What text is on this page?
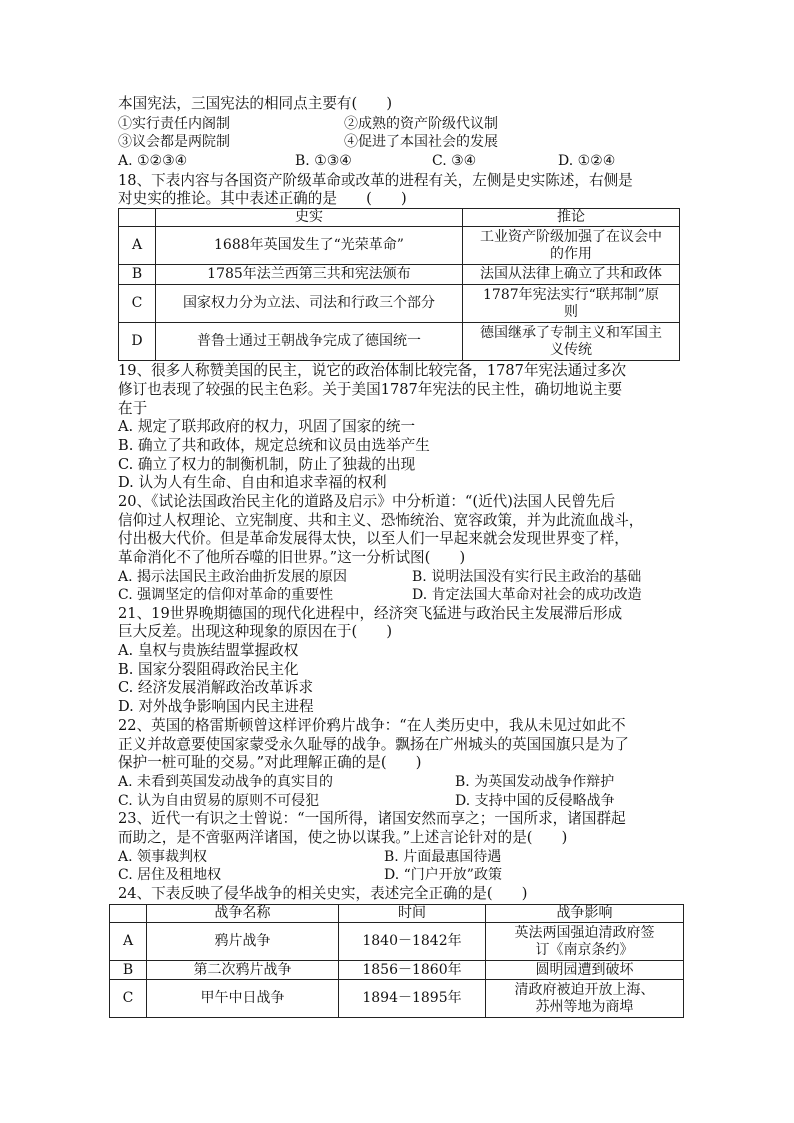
本国宪法，三国宪法的相同点主要有(　　)
①实行责任内阁制	②成熟的资产阶级代议制
③议会都是两院制	④促进了本国社会的发展
A. ①②③④	B. ①③④	C. ③④	D. ①②④
18、下表内容与各国资产阶级革命或改革的进程有关，左侧是史实陈述，右侧是
对史实的推论。其中表述正确的是　　(　　)
	史实	推论
A	1688年英国发生了“光荣革命”	工业资产阶级加强了在议会中
的作用

B	1785年法兰西第三共和宪法颁布	法国从法律上确立了共和政体

C	国家权力分为立法、司法和行政三个部分	1787年宪法实行“联邦制”原
则

D	普鲁士通过王朝战争完成了德国统一	德国继承了专制主义和军国主
义传统
19、很多人称赞美国的民主，说它的政治体制比较完备，1787年宪法通过多次
修订也表现了较强的民主色彩。关于美国1787年宪法的民主性，确切地说主要
在于
A. 规定了联邦政府的权力，巩固了国家的统一
B. 确立了共和政体，规定总统和议员由选举产生
C. 确立了权力的制衡机制，防止了独裁的出现
D. 认为人有生命、自由和追求幸福的权利
20、《试论法国政治民主化的道路及启示》中分析道：“(近代)法国人民曾先后
信仰过人权理论、立宪制度、共和主义、恐怖统治、宽容政策，并为此流血战斗，
付出极大代价。但是革命发展得太快，以至人们一早起来就会发现世界变了样，
革命消化不了他所吞噬的旧世界。”这一分析试图(　　)
A. 揭示法国民主政治曲折发展的原因	B. 说明法国没有实行民主政治的基础
C. 强调坚定的信仰对革命的重要性	D. 肯定法国大革命对社会的成功改造
21、19世界晚期德国的现代化进程中，经济突飞猛进与政治民主发展滞后形成
巨大反差。出现这种现象的原因在于(　　)
A. 皇权与贵族结盟掌握政权
B. 国家分裂阻碍政治民主化
C. 经济发展消解政治改革诉求
D. 对外战争影响国内民主进程
22、英国的格雷斯顿曾这样评价鸦片战争：“在人类历史中，我从未见过如此不
正义并故意要使国家蒙受永久耻辱的战争。飘扬在广州城头的英国国旗只是为了
保护一桩可耻的交易。”对此理解正确的是(　　)
A. 未看到英国发动战争的真实目的	B. 为英国发动战争作辩护
C. 认为自由贸易的原则不可侵犯	D. 支持中国的反侵略战争
23、近代一有识之士曾说：“一国所得，诸国安然而享之；一国所求，诸国群起
而助之，是不啻驱两洋诸国，使之协以谋我。”上述言论针对的是(　　)
A. 领事裁判权	B. 片面最惠国待遇
C. 居住及租地权	D. “门户开放”政策
24、下表反映了侵华战争的相关史实，表述完全正确的是(　　)
	战争名称	时间	战争影响
A	鸦片战争	1840－1842年	英法两国强迫清政府签
订《南京条约》

B	第二次鸦片战争	1856－1860年	圆明园遭到破坏

C	甲午中日战争	1894－1895年	清政府被迫开放上海、
苏州等地为商埠
